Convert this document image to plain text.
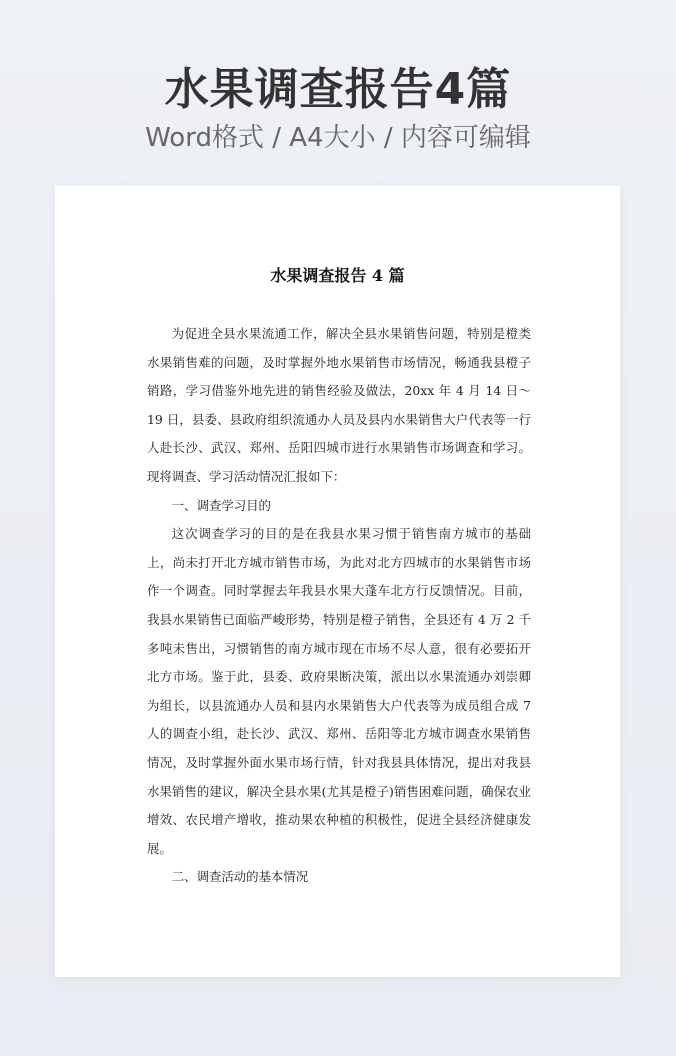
水果调查报告4篇
Word格式 / A4大小 / 内容可编辑
水果调查报告 4 篇

为促进全县水果流通工作，解决全县水果销售问题，特别是橙类水果销售难的问题，及时掌握外地水果销售市场情况，畅通我县橙子销路，学习借鉴外地先进的销售经验及做法，20xx 年 4 月 14 日～19 日，县委、县政府组织流通办人员及县内水果销售大户代表等一行人赴长沙、武汉、郑州、岳阳四城市进行水果销售市场调查和学习。现将调查、学习活动情况汇报如下：

一、调查学习目的

这次调查学习的目的是在我县水果习惯于销售南方城市的基础上，尚未打开北方城市销售市场，为此对北方四城市的水果销售市场作一个调查。同时掌握去年我县水果大蓬车北方行反馈情况。目前，我县水果销售已面临严峻形势，特别是橙子销售，全县还有 4 万 2 千多吨未售出，习惯销售的南方城市现在市场不尽人意，很有必要拓开北方市场。鉴于此，县委、政府果断决策，派出以水果流通办刘崇卿为组长，以县流通办人员和县内水果销售大户代表等为成员组合成 7 人的调查小组，赴长沙、武汉、郑州、岳阳等北方城市调查水果销售情况，及时掌握外面水果市场行情，针对我县具体情况，提出对我县水果销售的建议，解决全县水果(尤其是橙子)销售困难问题，确保农业增效、农民增产增收，推动果农种植的积极性，促进全县经济健康发展。

二、调查活动的基本情况
